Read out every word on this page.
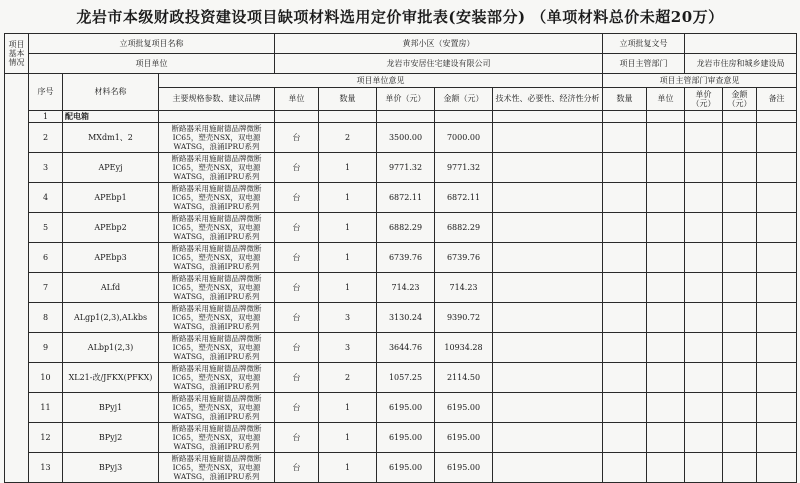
龙岩市本级财政投资建设项目缺项材料选用定价审批表(安装部分) （单项材料总价未超20万）
项目基本情况	立项批复项目名称			黄邦小区（安置房）					立项批复文号				
	项目单位			龙岩市安居住宅建设有限公司					项目主管部门		龙岩市住房和城乡建设局		
	序号	材料名称	项目单位意见						项目主管部门审查意见				
			主要规格参数、建议品牌	单位	数量	单价（元）	金额（元）	技术性、必要性、经济性分析	数量	单位	单价（元）	金额（元）	备注
	1	配电箱											
	2	MXdm1、2	断路器采用施耐德品牌微断IC65，塑壳NSX，双电源WATSG，浪涌IPRU系列	台	2	3500.00	7000.00						
	3	APEyj	断路器采用施耐德品牌微断IC65，塑壳NSX，双电源WATSG，浪涌IPRU系列	台	1	9771.32	9771.32						
	4	APEbp1	断路器采用施耐德品牌微断IC65，塑壳NSX，双电源WATSG，浪涌IPRU系列	台	1	6872.11	6872.11						
	5	APEbp2	断路器采用施耐德品牌微断IC65，塑壳NSX，双电源WATSG，浪涌IPRU系列	台	1	6882.29	6882.29						
	6	APEbp3	断路器采用施耐德品牌微断IC65，塑壳NSX，双电源WATSG，浪涌IPRU系列	台	1	6739.76	6739.76						
	7	ALfd	断路器采用施耐德品牌微断IC65，塑壳NSX，双电源WATSG，浪涌IPRU系列	台	1	714.23	714.23						
	8	ALgp1(2,3),ALkbs	断路器采用施耐德品牌微断IC65，塑壳NSX，双电源WATSG，浪涌IPRU系列	台	3	3130.24	9390.72						
	9	ALbp1(2,3)	断路器采用施耐德品牌微断IC65，塑壳NSX，双电源WATSG，浪涌IPRU系列	台	3	3644.76	10934.28						
	10	XL21-改/JFKX(PFKX)	断路器采用施耐德品牌微断IC65，塑壳NSX，双电源WATSG，浪涌IPRU系列	台	2	1057.25	2114.50						
	11	BPyj1	断路器采用施耐德品牌微断IC65，塑壳NSX，双电源WATSG，浪涌IPRU系列	台	1	6195.00	6195.00						
	12	BPyj2	断路器采用施耐德品牌微断IC65，塑壳NSX，双电源WATSG，浪涌IPRU系列	台	1	6195.00	6195.00						
	13	BPyj3	断路器采用施耐德品牌微断IC65，塑壳NSX，双电源WATSG，浪涌IPRU系列	台	1	6195.00	6195.00						
